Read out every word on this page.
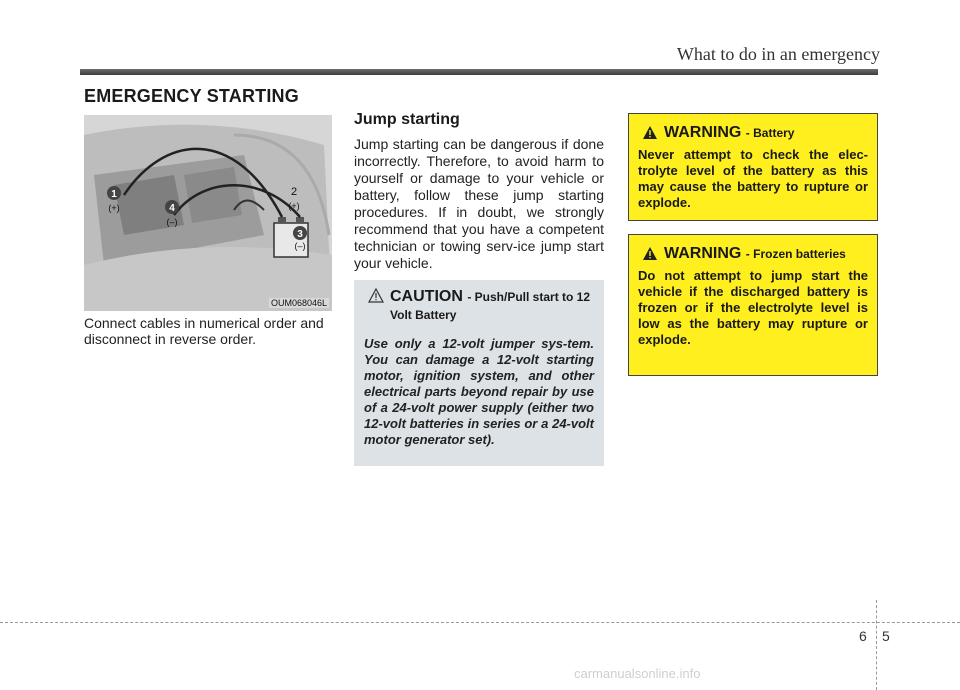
What to do in an emergency
EMERGENCY STARTING
1
(+)	4
(–)
2
(+)
3
(–)
OUM068046L
Connect cables in numerical order and disconnect in reverse order.
Jump starting
Jump starting can be dangerous if done incorrectly. Therefore, to avoid harm to yourself or damage to your vehicle or battery, follow these jump starting procedures. If in doubt, we strongly recommend that you have a competent technician or towing serv-ice jump start your vehicle.
CAUTION - Push/Pull start to 12 Volt Battery
Use only a 12-volt jumper sys-tem. You can damage a 12-volt starting motor, ignition system, and other electrical parts beyond repair by use of a 24-volt power supply (either two 12-volt batteries in series or a 24-volt motor generator set).
WARNING - Battery
Never attempt to check the elec-trolyte level of the battery as this may cause the battery to rupture or explode.
WARNING - Frozen batteries
Do not attempt to jump start the vehicle if the discharged battery is frozen or if the electrolyte level is low as the battery may rupture or explode.
6 5
carmanualsonline.info
